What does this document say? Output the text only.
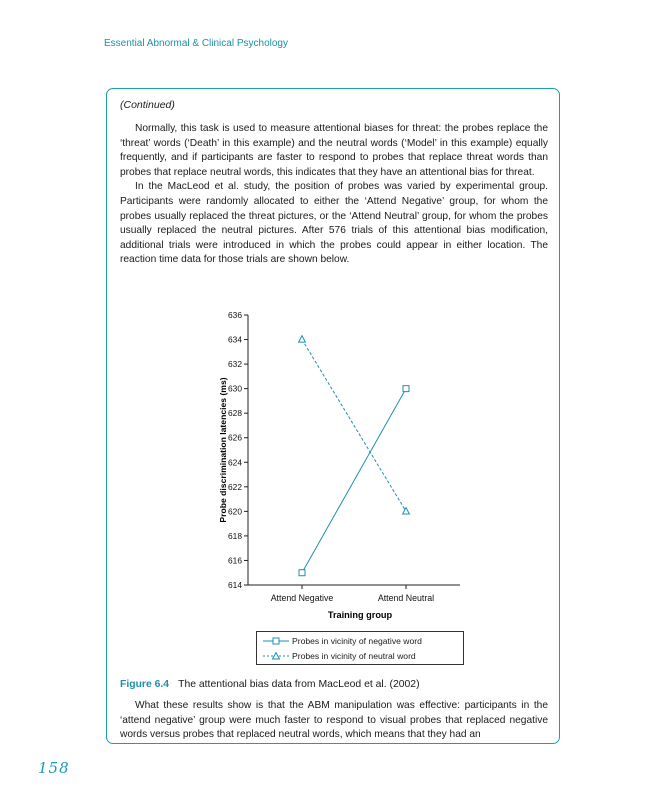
Essential Abnormal & Clinical Psychology

(Continued)

Normally, this task is used to measure attentional biases for threat: the probes replace the ‘threat’ words (‘Death’ in this example) and the neutral words (‘Model’ in this example) equally frequently, and if participants are faster to respond to probes that replace threat words than probes that replace neutral words, this indicates that they have an attentional bias for threat.

In the MacLeod et al. study, the position of probes was varied by experimental group. Participants were randomly allocated to either the ‘Attend Negative’ group, for whom the probes usually replaced the threat pictures, or the ‘Attend Neutral’ group, for whom the probes usually replaced the neutral pictures. After 576 trials of this attentional bias modification, additional trials were introduced in which the probes could appear in either location. The reaction time data for those trials are shown below.

614
616
618
620
622
624
626
628
630
632
634
636
Attend Negative	Attend Neutral
Probe discrimination latencies (ms)
Training group
Probes in vicinity of negative word
Probes in vicinity of neutral word
Figure 6.4 The attentional bias data from MacLeod et al. (2002)

What these results show is that the ABM manipulation was effective: participants in the ‘attend negative’ group were much faster to respond to visual probes that replaced negative words versus probes that replaced neutral words, which means that they had an

158
